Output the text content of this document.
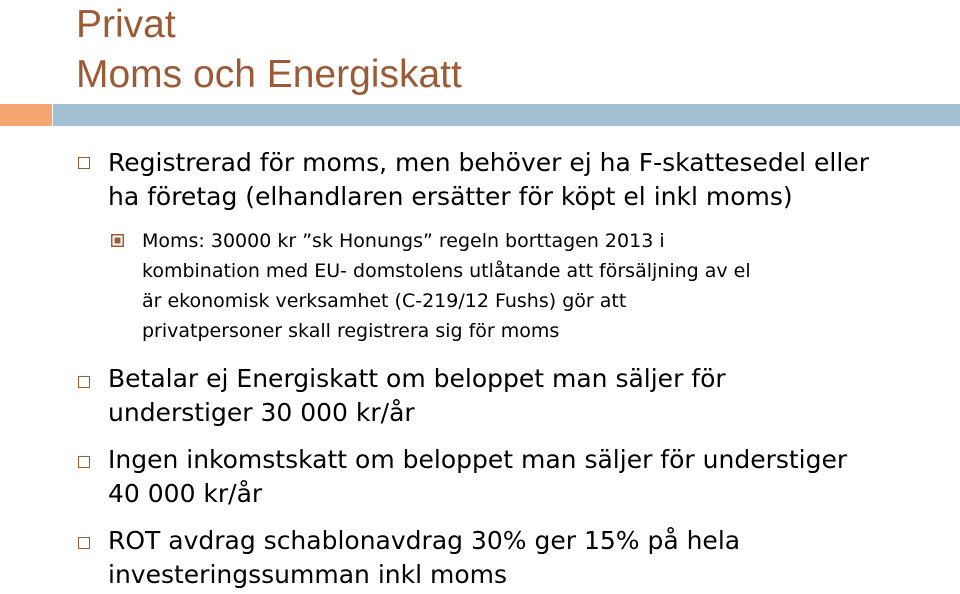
Privat
Moms och Energiskatt
Registrerad för moms, men behöver ej ha F-skattesedel eller
ha företag (elhandlaren ersätter för köpt el inkl moms)
Moms: 30000 kr ”sk Honungs” regeln borttagen 2013 i
kombination med EU- domstolens utlåtande att försäljning av el
är ekonomisk verksamhet (C-219/12 Fushs) gör att
privatpersoner skall registrera sig för moms
Betalar ej Energiskatt om beloppet man säljer för
understiger 30 000 kr/år
Ingen inkomstskatt om beloppet man säljer för understiger
40 000 kr/år
ROT avdrag schablonavdrag 30% ger 15% på hela
investeringssumman inkl moms
